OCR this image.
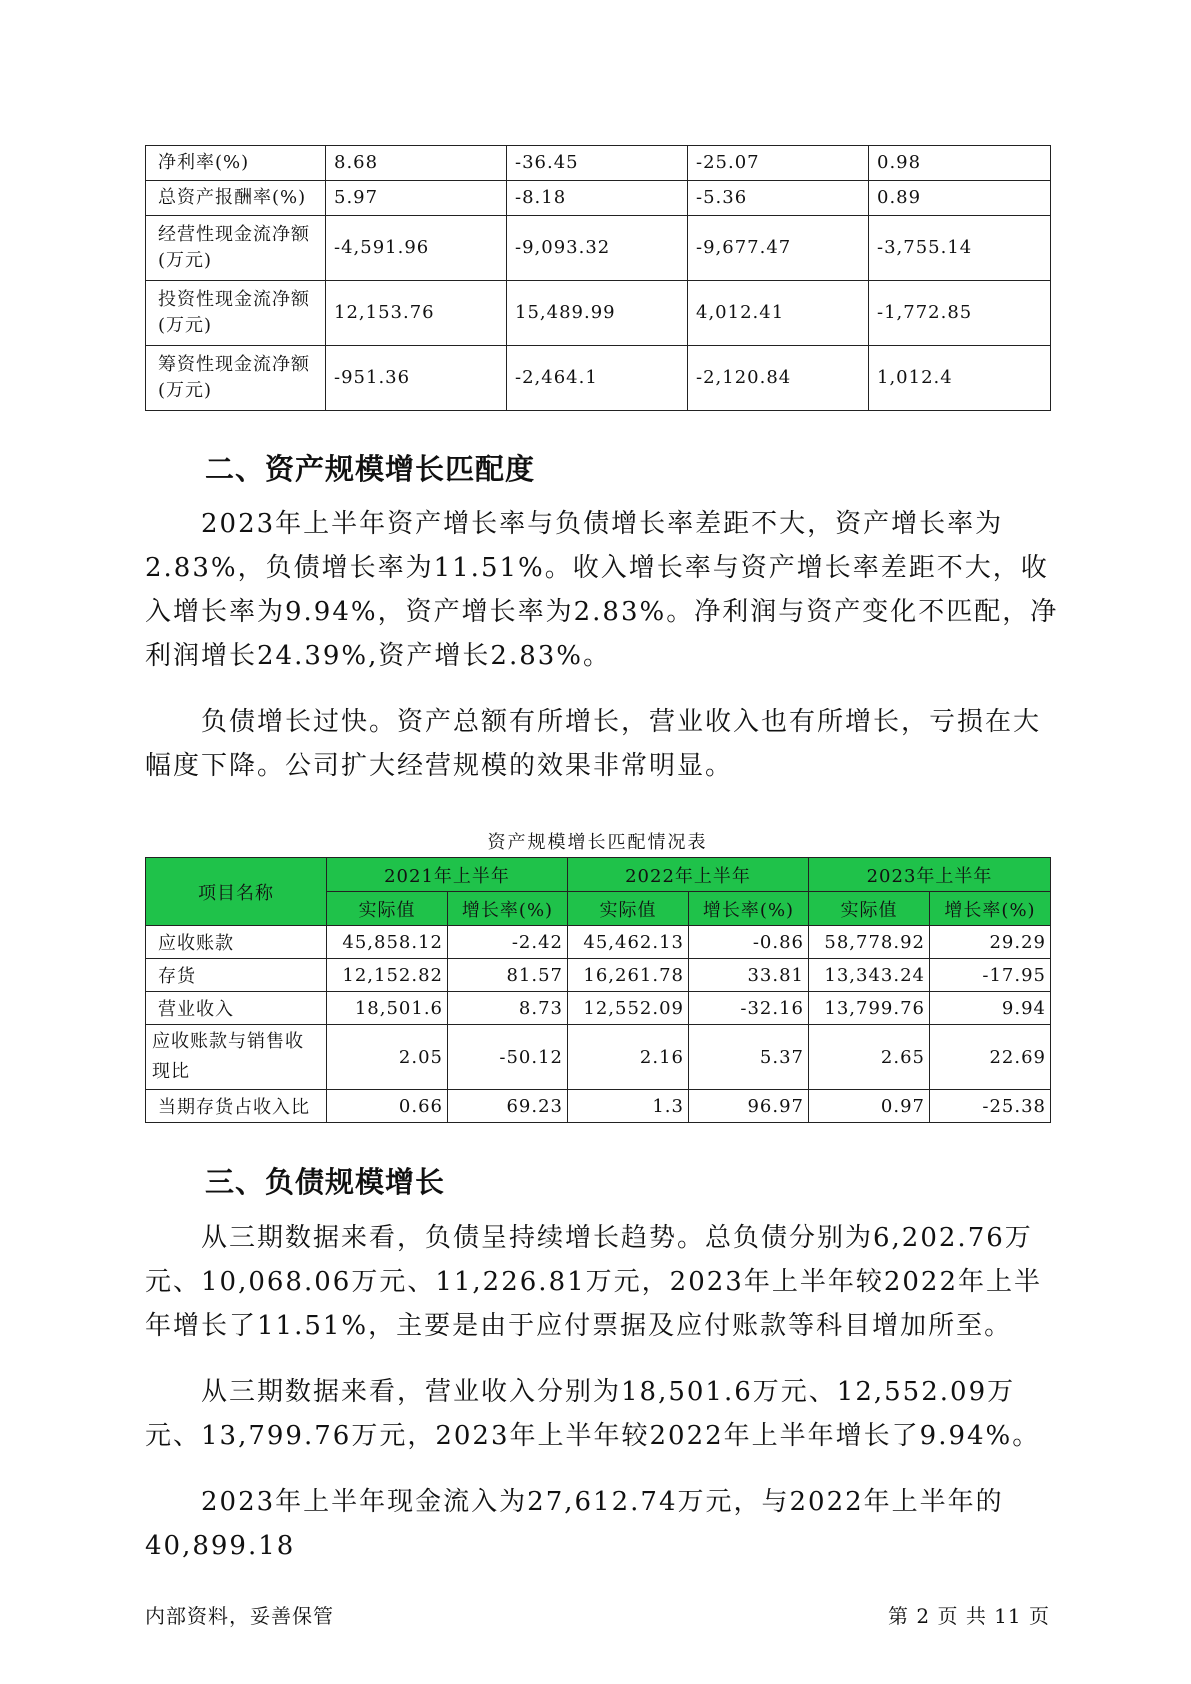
净利率(%)	8.68	-36.45	-25.07	0.98
总资产报酬率(%)	5.97	-8.18	-5.36	0.89
经营性现金流净额(万元)	-4,591.96	-9,093.32	-9,677.47	-3,755.14
投资性现金流净额(万元)	12,153.76	15,489.99	4,012.41	-1,772.85
筹资性现金流净额(万元)	-951.36	-2,464.1	-2,120.84	1,012.4
二、资产规模增长匹配度

2023年上半年资产增长率与负债增长率差距不大，资产增长率为2.83%，负债增长率为11.51%。收入增长率与资产增长率差距不大，收入增长率为9.94%，资产增长率为2.83%。净利润与资产变化不匹配，净利润增长24.39%,资产增长2.83%。

负债增长过快。资产总额有所增长，营业收入也有所增长，亏损在大幅度下降。公司扩大经营规模的效果非常明显。

资产规模增长匹配情况表
项目名称	2021年上半年		2022年上半年		2023年上半年	
	实际值	增长率(%)	实际值	增长率(%)	实际值	增长率(%)
应收账款	45,858.12	-2.42	45,462.13	-0.86	58,778.92	29.29
存货	12,152.82	81.57	16,261.78	33.81	13,343.24	-17.95
营业收入	18,501.6	8.73	12,552.09	-32.16	13,799.76	9.94
应收账款与销售收现比	2.05	-50.12	2.16	5.37	2.65	22.69
当期存货占收入比	0.66	69.23	1.3	96.97	0.97	-25.38
三、负债规模增长

从三期数据来看，负债呈持续增长趋势。总负债分别为6,202.76万元、10,068.06万元、11,226.81万元，2023年上半年较2022年上半年增长了11.51%，主要是由于应付票据及应付账款等科目增加所至。

从三期数据来看，营业收入分别为18,501.6万元、12,552.09万元、13,799.76万元，2023年上半年较2022年上半年增长了9.94%。

2023年上半年现金流入为27,612.74万元，与2022年上半年的40,899.18

内部资料，妥善保管	第 2 页 共 11 页
